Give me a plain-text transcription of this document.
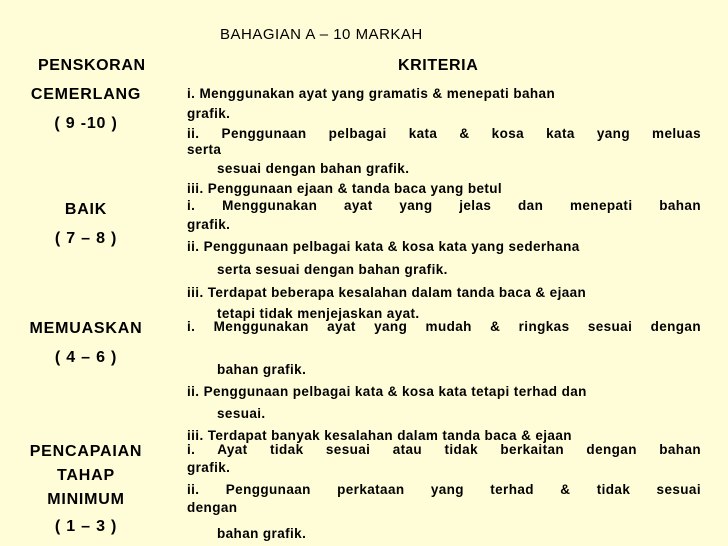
BAHAGIAN A – 10 MARKAH
PENSKORAN	KRITERIA
CEMERLANG
( 9 -10 )
i. Menggunakan ayat yang gramatis & menepati bahan
grafik.
ii. Penggunaan pelbagai kata & kosa kata yang meluas
serta
sesuai dengan bahan grafik.
iii. Penggunaan ejaan & tanda baca yang betul
BAIK
( 7 – 8 )
i. Menggunakan ayat yang jelas dan menepati bahan
grafik.
ii. Penggunaan pelbagai kata & kosa kata yang sederhana
serta sesuai dengan bahan grafik.
iii. Terdapat beberapa kesalahan dalam tanda baca & ejaan
tetapi tidak menjejaskan ayat.
MEMUASKAN
( 4 – 6 )
i. Menggunakan ayat yang mudah & ringkas sesuai dengan
bahan grafik.
ii. Penggunaan pelbagai kata & kosa kata tetapi terhad dan
sesuai.
iii. Terdapat banyak kesalahan dalam tanda baca & ejaan
PENCAPAIAN
TAHAP
MINIMUM
( 1 – 3 )
i. Ayat tidak sesuai atau tidak berkaitan dengan bahan
grafik.
ii. Penggunaan perkataan yang terhad & tidak sesuai
dengan
bahan grafik.
